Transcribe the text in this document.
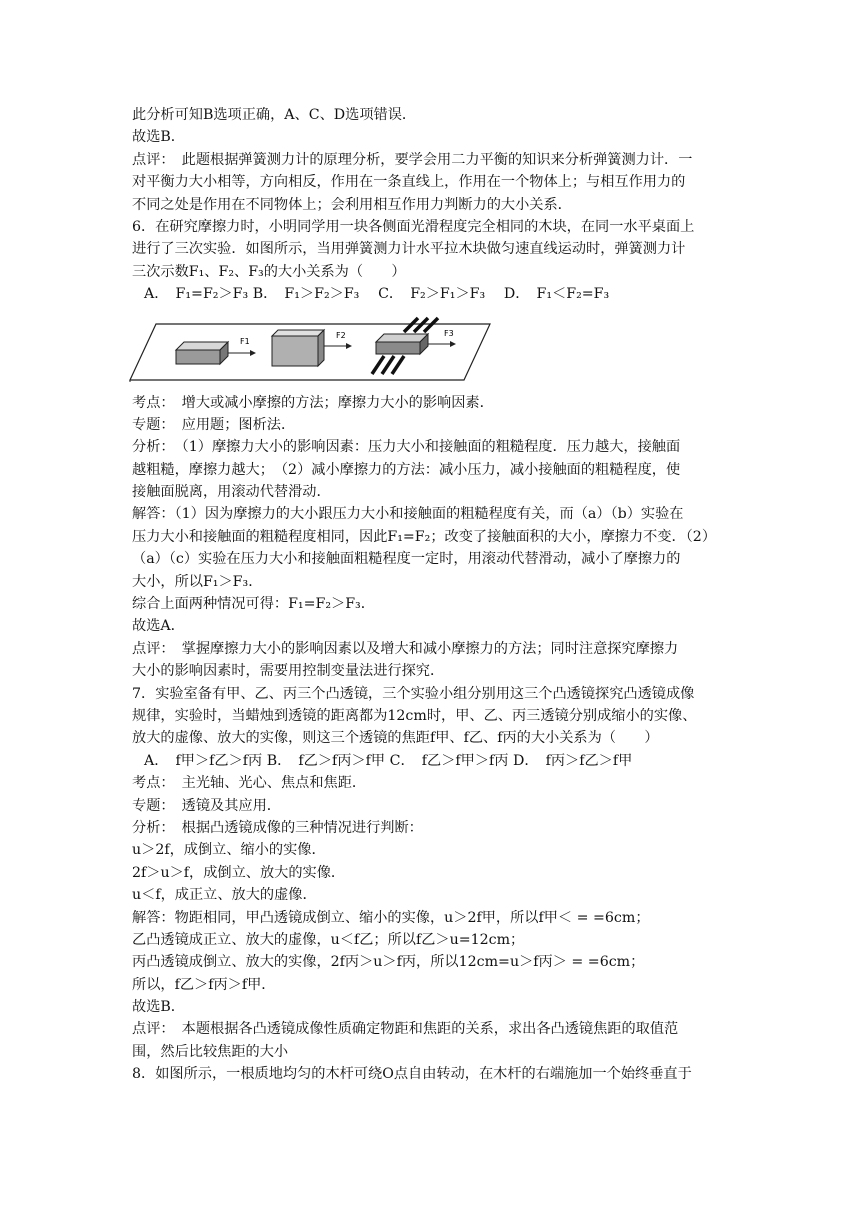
此分析可知B选项正确，A、C、D选项错误．
故选B．
点评：　此题根据弹簧测力计的原理分析，要学会用二力平衡的知识来分析弹簧测力计．一
对平衡力大小相等，方向相反，作用在一条直线上，作用在一个物体上；与相互作用力的
不同之处是作用在不同物体上；会利用相互作用力判断力的大小关系．
6．在研究摩擦力时，小明同学用一块各侧面光滑程度完全相同的木块，在同一水平桌面上
进行了三次实验．如图所示，当用弹簧测力计水平拉木块做匀速直线运动时，弹簧测力计
三次示数F₁、F₂、F₃的大小关系为（　　）
A．　F₁=F₂＞F₃ B．　F₁＞F₂＞F₃　 C．　F₂＞F₁＞F₃　 D．　F₁＜F₂=F₃
F1
F2	F3
考点：　增大或减小摩擦的方法；摩擦力大小的影响因素．
专题：　应用题；图析法．
分析：　（1）摩擦力大小的影响因素：压力大小和接触面的粗糙程度．压力越大，接触面
越粗糙，摩擦力越大；　（2）减小摩擦力的方法：减小压力，减小接触面的粗糙程度，使
接触面脱离，用滚动代替滑动．
解答：（1）因为摩擦力的大小跟压力大小和接触面的粗糙程度有关，而（a）（b）实验在
压力大小和接触面的粗糙程度相同，因此F₁=F₂；改变了接触面积的大小，摩擦力不变．（2）
（a）（c）实验在压力大小和接触面粗糙程度一定时，用滚动代替滑动，减小了摩擦力的
大小，所以F₁＞F₃．
综合上面两种情况可得：F₁=F₂＞F₃．
故选A．
点评：　掌握摩擦力大小的影响因素以及增大和减小摩擦力的方法；同时注意探究摩擦力
大小的影响因素时，需要用控制变量法进行探究．
7．实验室备有甲、乙、丙三个凸透镜，三个实验小组分别用这三个凸透镜探究凸透镜成像
规律，实验时，当蜡烛到透镜的距离都为12cm时，甲、乙、丙三透镜分别成缩小的实像、
放大的虚像、放大的实像，则这三个透镜的焦距f甲、f乙、f丙的大小关系为（　　）
A．　f甲＞f乙＞f丙 B．　f乙＞f丙＞f甲 C．　f乙＞f甲＞f丙 D．　f丙＞f乙＞f甲
考点：　主光轴、光心、焦点和焦距．
专题：　透镜及其应用．
分析：　根据凸透镜成像的三种情况进行判断：
u＞2f，成倒立、缩小的实像．
2f＞u＞f，成倒立、放大的实像．
u＜f，成正立、放大的虚像．
解答：物距相同，甲凸透镜成倒立、缩小的实像，u＞2f甲，所以f甲＜ = =6cm；
乙凸透镜成正立、放大的虚像，u＜f乙；所以f乙＞u=12cm；
丙凸透镜成倒立、放大的实像，2f丙＞u＞f丙，所以12cm=u＞f丙＞ = =6cm；
所以，f乙＞f丙＞f甲．
故选B．
点评：　本题根据各凸透镜成像性质确定物距和焦距的关系，求出各凸透镜焦距的取值范
围，然后比较焦距的大小
8．如图所示，一根质地均匀的木杆可绕O点自由转动，在木杆的右端施加一个始终垂直于
